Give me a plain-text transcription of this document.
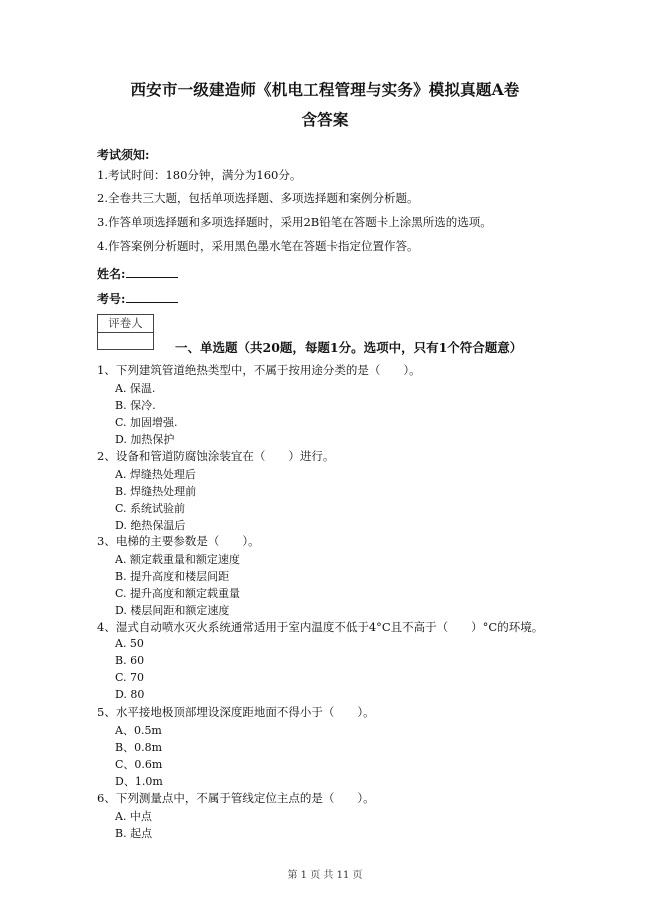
西安市一级建造师《机电工程管理与实务》模拟真题A卷
含答案
考试须知:
1.考试时间：180分钟，满分为160分。
2.全卷共三大题，包括单项选择题、多项选择题和案例分析题。
3.作答单项选择题和多项选择题时，采用2B铅笔在答题卡上涂黑所选的选项。
4.作答案例分析题时，采用黑色墨水笔在答题卡指定位置作答。
姓名:
考号:
评卷人
一、单选题（共20题，每题1分。选项中，只有1个符合题意）
1、下列建筑管道绝热类型中，不属于按用途分类的是（　　）。
A. 保温.
B. 保冷.
C. 加固增强.
D. 加热保护
2、设备和管道防腐蚀涂装宜在（　　）进行。
A. 焊缝热处理后
B. 焊缝热处理前
C. 系统试验前
D. 绝热保温后
3、电梯的主要参数是（　　）。
A. 额定载重量和额定速度
B. 提升高度和楼层间距
C. 提升高度和额定载重量
D. 楼层间距和额定速度
4、湿式自动喷水灭火系统通常适用于室内温度不低于4°C且不高于（　　）°C的环境。
A. 50
B. 60
C. 70
D. 80
5、水平接地极顶部埋设深度距地面不得小于（　　）。
A、0.5m
B、0.8m
C、0.6m
D、1.0m
6、下列测量点中，不属于管线定位主点的是（　　）。
A. 中点
B. 起点
第 1 页 共 11 页
